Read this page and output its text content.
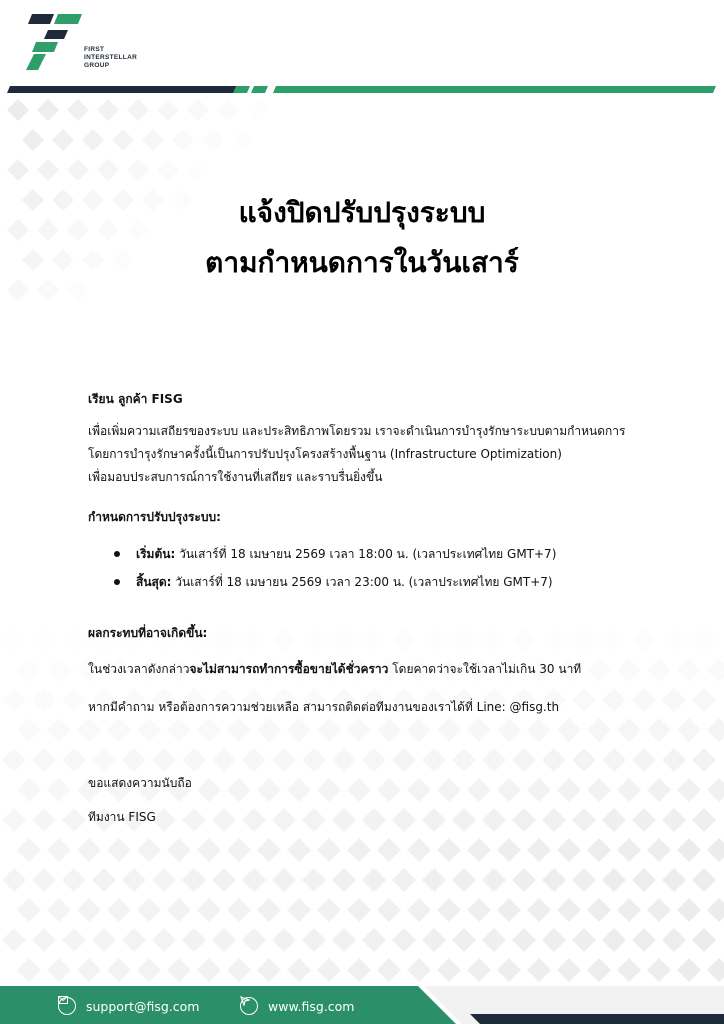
FIRST
INTERSTELLAR
GROUP
แจ้งปิดปรับปรุงระบบ
ตามกำหนดการในวันเสาร์
เรียน ลูกค้า FISG
เพื่อเพิ่มความเสถียรของระบบ และประสิทธิภาพโดยรวม เราจะดำเนินการบำรุงรักษาระบบตามกำหนดการ
โดยการบำรุงรักษาครั้งนี้เป็นการปรับปรุงโครงสร้างพื้นฐาน (Infrastructure Optimization)
เพื่อมอบประสบการณ์การใช้งานที่เสถียร และราบรื่นยิ่งขึ้น
กำหนดการปรับปรุงระบบ:
เริ่มต้น: วันเสาร์ที่ 18 เมษายน 2569 เวลา 18:00 น. (เวลาประเทศไทย GMT+7)
สิ้นสุด: วันเสาร์ที่ 18 เมษายน 2569 เวลา 23:00 น. (เวลาประเทศไทย GMT+7)
ผลกระทบที่อาจเกิดขึ้น:
ในช่วงเวลาดังกล่าวจะไม่สามารถทำการซื้อขายได้ชั่วคราว โดยคาดว่าจะใช้เวลาไม่เกิน 30 นาที
หากมีคำถาม หรือต้องการความช่วยเหลือ สามารถติดต่อทีมงานของเราได้ที่ Line: @fisg.th
ขอแสดงความนับถือ
ทีมงาน FISG
support@fisg.com	www.fisg.com
